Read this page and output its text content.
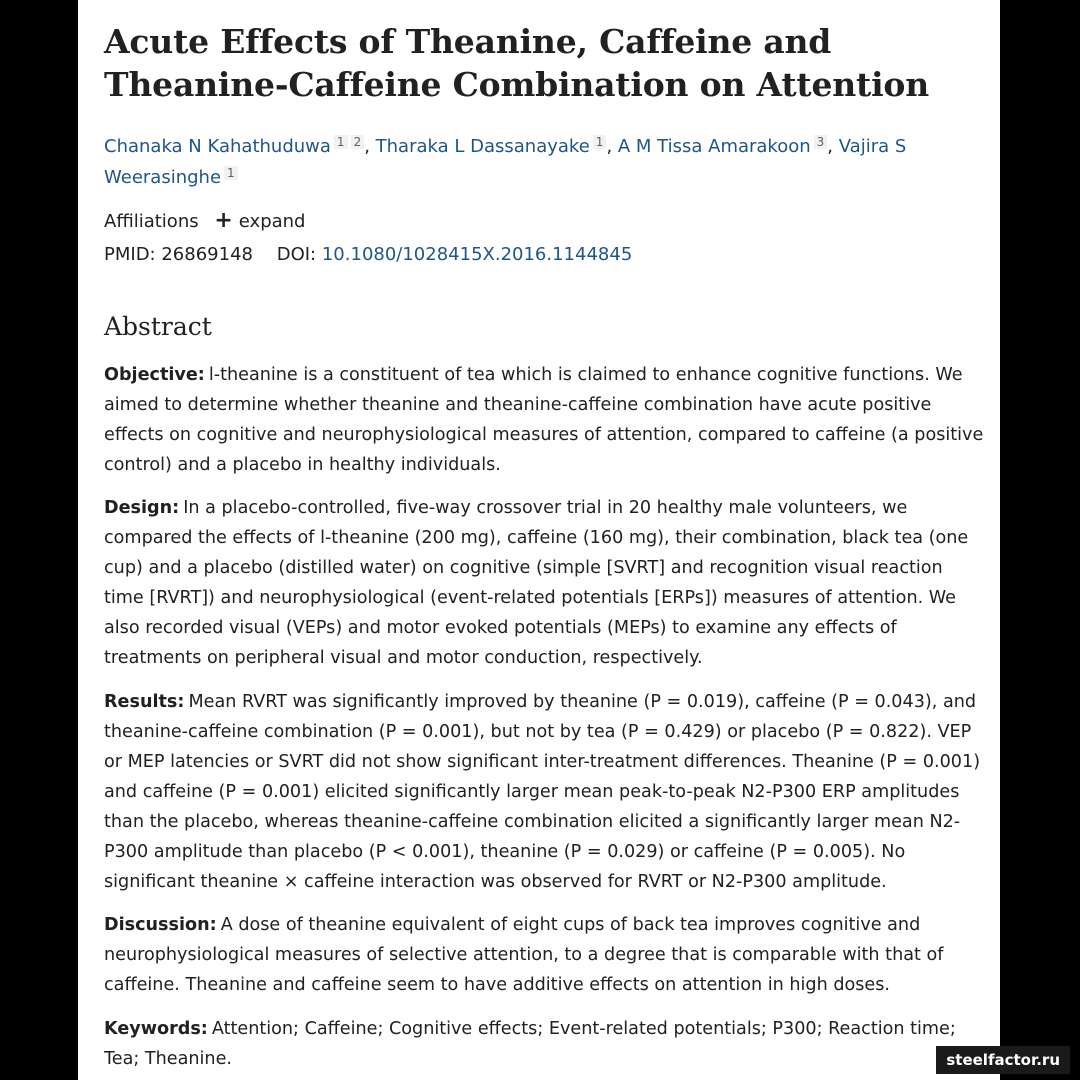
Acute Effects of Theanine, Caffeine and Theanine-Caffeine Combination on Attention
Chanaka N Kahathuduwa $^1$ $^2$ , Tharaka L Dassanayake $^1$ , A M Tissa Amarakoon $^3$ , Vajira S Weerasinghe $^1$
Affiliations + expand
PMID: 26869148 DOI: 10.1080/1028415X.2016.1144845
Abstract

Objective: l-theanine is a constituent of tea which is claimed to enhance cognitive functions. We aimed to determine whether theanine and theanine-caffeine combination have acute positive effects on cognitive and neurophysiological measures of attention, compared to caffeine (a positive control) and a placebo in healthy individuals.

Design: In a placebo-controlled, five-way crossover trial in 20 healthy male volunteers, we compared the effects of l-theanine (200 mg), caffeine (160 mg), their combination, black tea (one cup) and a placebo (distilled water) on cognitive (simple [SVRT] and recognition visual reaction time [RVRT]) and neurophysiological (event-related potentials [ERPs]) measures of attention. We also recorded visual (VEPs) and motor evoked potentials (MEPs) to examine any effects of treatments on peripheral visual and motor conduction, respectively.

Results: Mean RVRT was significantly improved by theanine (P = 0.019), caffeine (P = 0.043), and theanine-caffeine combination (P = 0.001), but not by tea (P = 0.429) or placebo (P = 0.822). VEP or MEP latencies or SVRT did not show significant inter-treatment differences. Theanine (P = 0.001) and caffeine (P = 0.001) elicited significantly larger mean peak-to-peak N2-P300 ERP amplitudes than the placebo, whereas theanine-caffeine combination elicited a significantly larger mean N2-P300 amplitude than placebo (P < 0.001), theanine (P = 0.029) or caffeine (P = 0.005). No significant theanine × caffeine interaction was observed for RVRT or N2-P300 amplitude.

Discussion: A dose of theanine equivalent of eight cups of back tea improves cognitive and neurophysiological measures of selective attention, to a degree that is comparable with that of caffeine. Theanine and caffeine seem to have additive effects on attention in high doses.

Keywords: Attention; Caffeine; Cognitive effects; Event-related potentials; P300; Reaction time; Tea; Theanine.	steelfactor.ru
